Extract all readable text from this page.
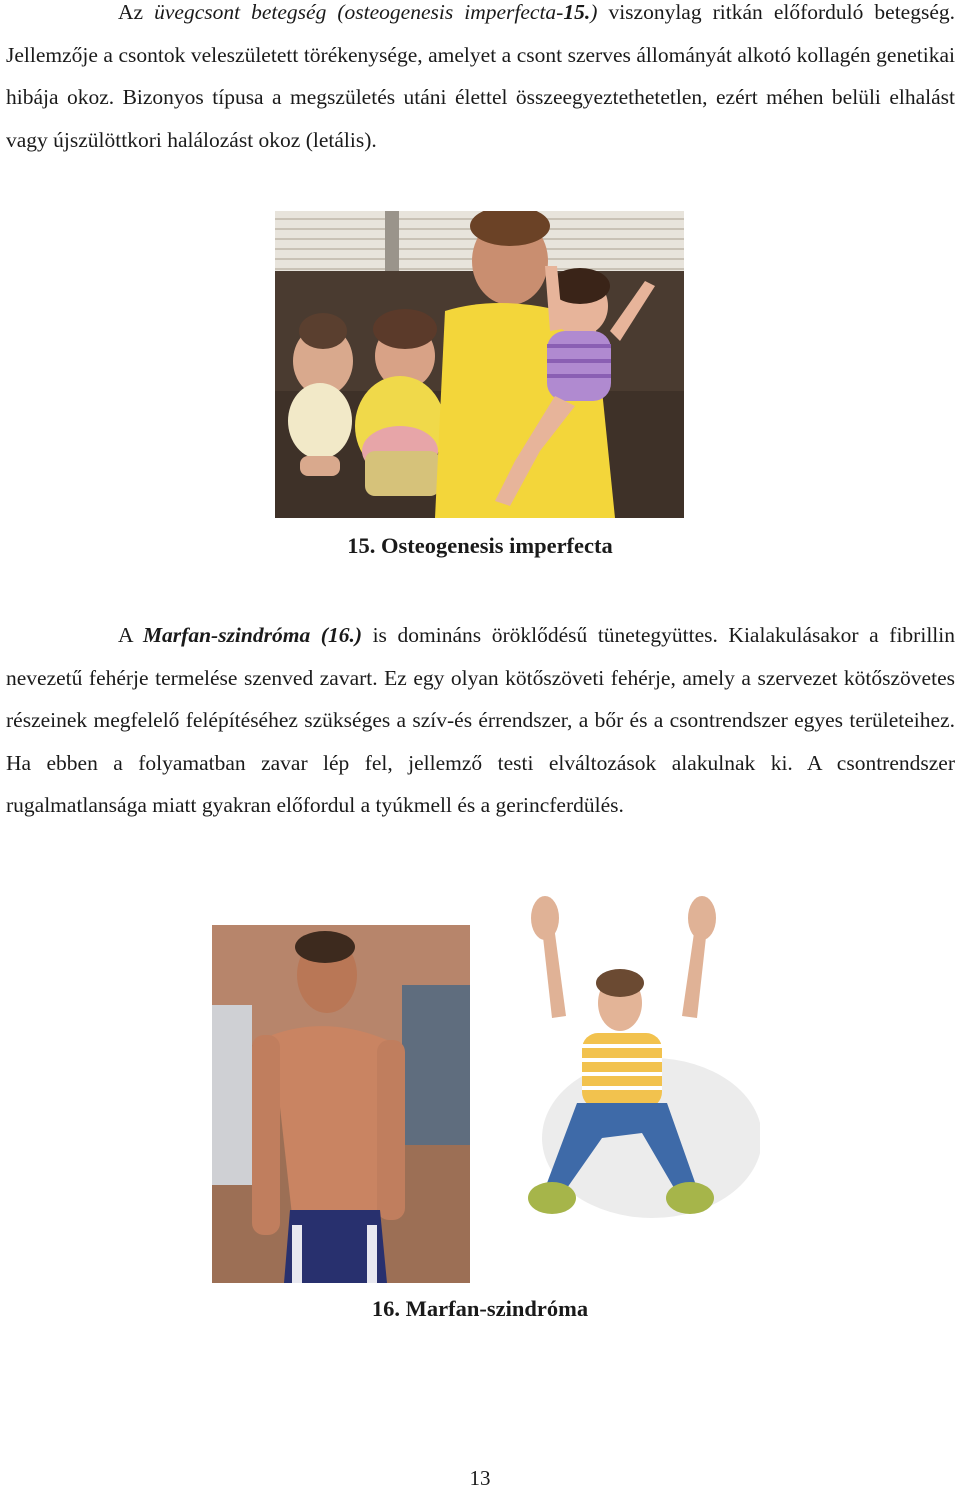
Az üvegcsont betegség (osteogenesis imperfecta-15.) viszonylag ritkán előforduló betegség. Jellemzője a csontok veleszületett törékenysége, amelyet a csont szerves állományát alkotó kollagén genetikai hibája okoz. Bizonyos típusa a megszületés utáni élettel összeegyeztethetetlen, ezért méhen belüli elhalást vagy újszülöttkori halálozást okoz (letális).

15. Osteogenesis imperfecta

A Marfan-szindróma (16.) is domináns öröklődésű tünetegyüttes. Kialakulásakor a fibrillin nevezetű fehérje termelése szenved zavart. Ez egy olyan kötőszöveti fehérje, amely a szervezet kötőszövetes részeinek megfelelő felépítéséhez szükséges a szív-és érrendszer, a bőr és a csontrendszer egyes területeihez. Ha ebben a folyamatban zavar lép fel, jellemző testi elváltozások alakulnak ki. A csontrendszer rugalmatlansága miatt gyakran előfordul a tyúkmell és a gerincferdülés.

16. Marfan-szindróma

13
